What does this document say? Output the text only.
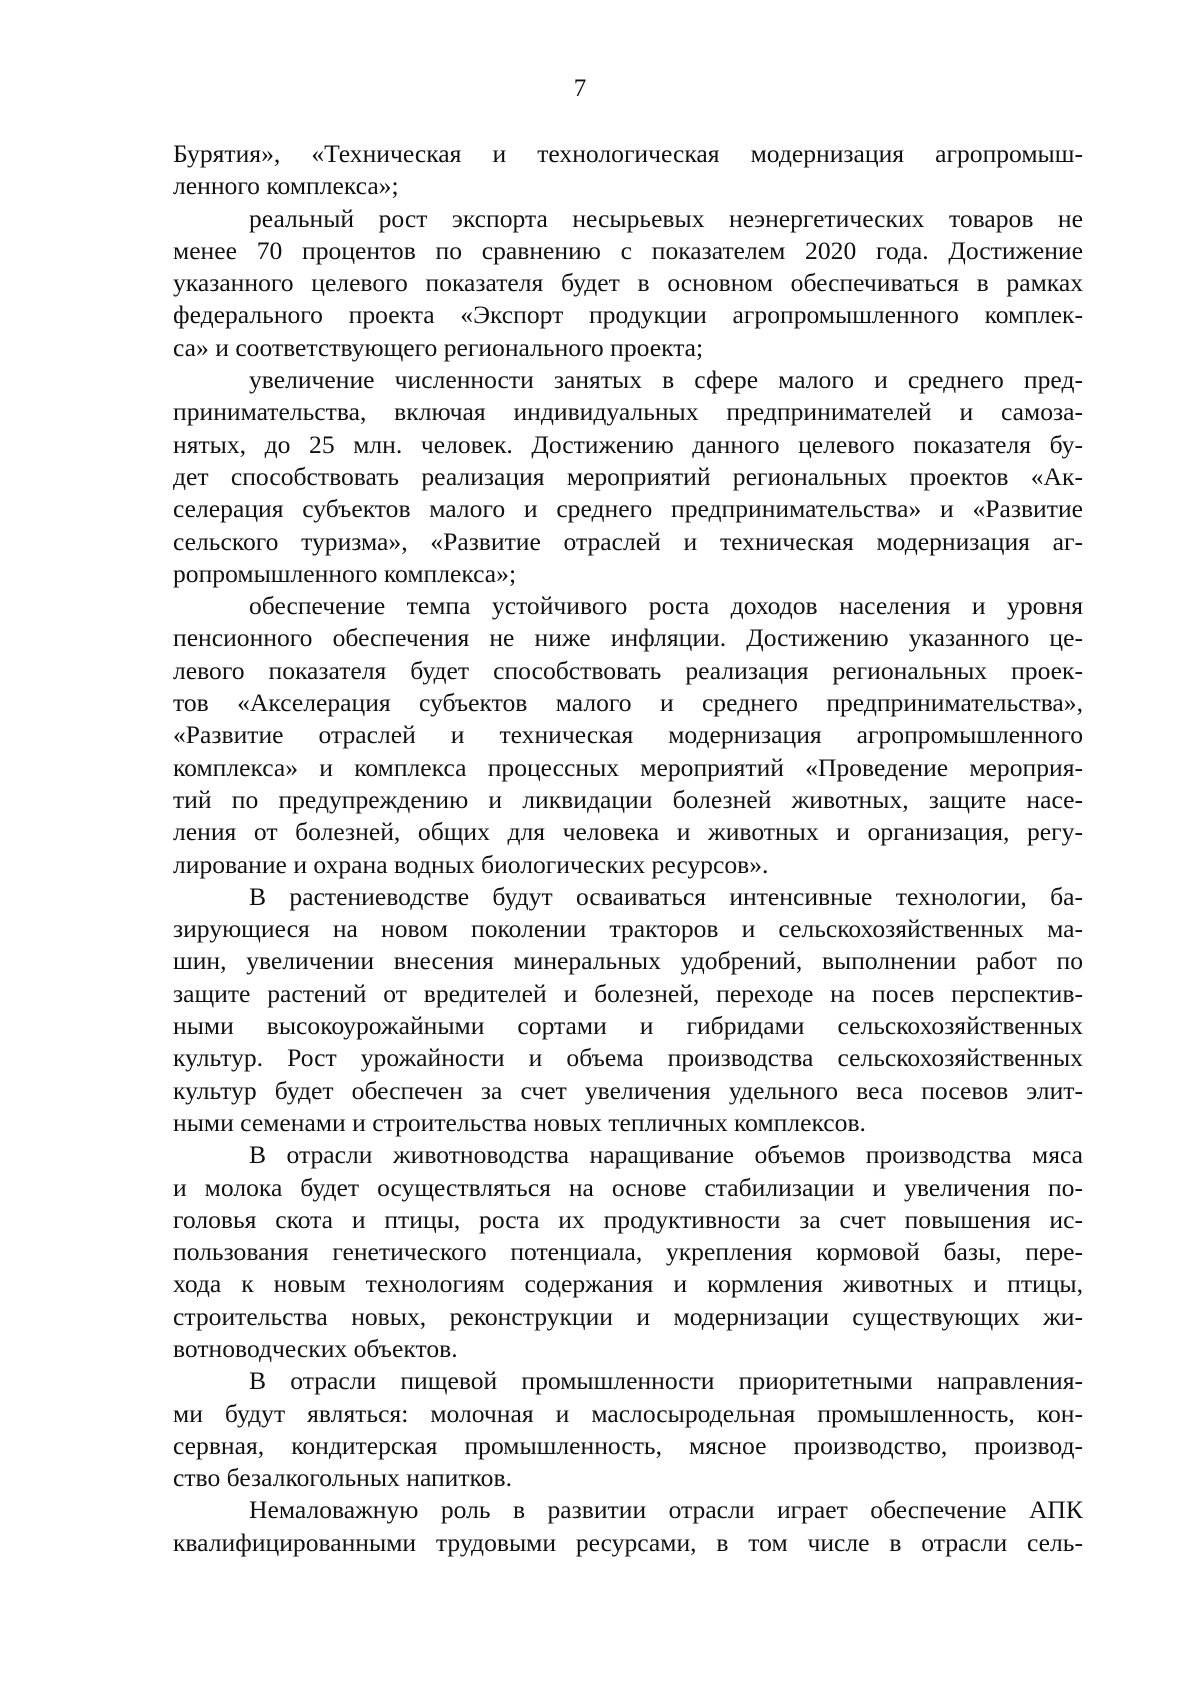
7
Бурятия», «Техническая и технологическая модернизация агропромыш-
ленного комплекса»;
реальный рост экспорта несырьевых неэнергетических товаров не
менее 70 процентов по сравнению с показателем 2020 года. Достижение
указанного целевого показателя будет в основном обеспечиваться в рамках
федерального проекта «Экспорт продукции агропромышленного комплек-
са» и соответствующего регионального проекта;
увеличение численности занятых в сфере малого и среднего пред-
принимательства, включая индивидуальных предпринимателей и самоза-
нятых, до 25 млн. человек. Достижению данного целевого показателя бу-
дет способствовать реализация мероприятий региональных проектов «Ак-
селерация субъектов малого и среднего предпринимательства» и «Развитие
сельского туризма», «Развитие отраслей и техническая модернизация аг-
ропромышленного комплекса»;
обеспечение темпа устойчивого роста доходов населения и уровня
пенсионного обеспечения не ниже инфляции. Достижению указанного це-
левого показателя будет способствовать реализация региональных проек-
тов «Акселерация субъектов малого и среднего предпринимательства»,
«Развитие отраслей и техническая модернизация агропромышленного
комплекса» и комплекса процессных мероприятий «Проведение мероприя-
тий по предупреждению и ликвидации болезней животных, защите насе-
ления от болезней, общих для человека и животных и организация, регу-
лирование и охрана водных биологических ресурсов».
В растениеводстве будут осваиваться интенсивные технологии, ба-
зирующиеся на новом поколении тракторов и сельскохозяйственных ма-
шин, увеличении внесения минеральных удобрений, выполнении работ по
защите растений от вредителей и болезней, переходе на посев перспектив-
ными высокоурожайными сортами и гибридами сельскохозяйственных
культур. Рост урожайности и объема производства сельскохозяйственных
культур будет обеспечен за счет увеличения удельного веса посевов элит-
ными семенами и строительства новых тепличных комплексов.
В отрасли животноводства наращивание объемов производства мяса
и молока будет осуществляться на основе стабилизации и увеличения по-
головья скота и птицы, роста их продуктивности за счет повышения ис-
пользования генетического потенциала, укрепления кормовой базы, пере-
хода к новым технологиям содержания и кормления животных и птицы,
строительства новых, реконструкции и модернизации существующих жи-
вотноводческих объектов.
В отрасли пищевой промышленности приоритетными направления-
ми будут являться: молочная и маслосыродельная промышленность, кон-
сервная, кондитерская промышленность, мясное производство, производ-
ство безалкогольных напитков.
Немаловажную роль в развитии отрасли играет обеспечение АПК
квалифицированными трудовыми ресурсами, в том числе в отрасли сель-
